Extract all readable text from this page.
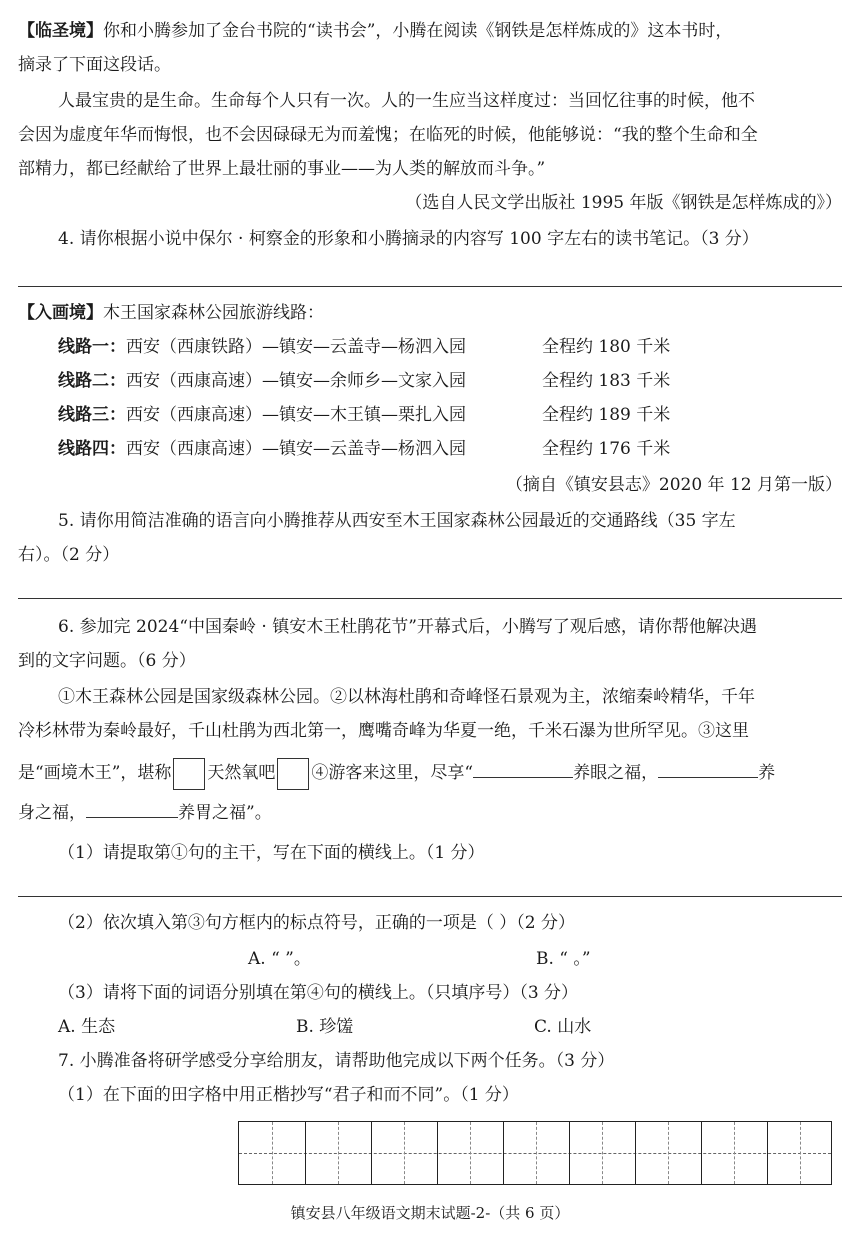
【临圣境】你和小腾参加了金台书院的“读书会”，小腾在阅读《钢铁是怎样炼成的》这本书时，
摘录了下面这段话。
人最宝贵的是生命。生命每个人只有一次。人的一生应当这样度过：当回忆往事的时候，他不
会因为虚度年华而悔恨，也不会因碌碌无为而羞愧；在临死的时候，他能够说：“我的整个生命和全
部精力，都已经献给了世界上最壮丽的事业——为人类的解放而斗争。”
（选自人民文学出版社 1995 年版《钢铁是怎样炼成的》）
4. 请你根据小说中保尔 · 柯察金的形象和小腾摘录的内容写 100 字左右的读书笔记。（3 分）
【入画境】木王国家森林公园旅游线路：
线路一：西安（西康铁路）—镇安—云盖寺—杨泗入园	全程约 180 千米
线路二：西安（西康高速）—镇安—余师乡—文家入园	全程约 183 千米
线路三：西安（西康高速）—镇安—木王镇—栗扎入园	全程约 189 千米
线路四：西安（西康高速）—镇安—云盖寺—杨泗入园	全程约 176 千米
（摘自《镇安县志》2020 年 12 月第一版）
5. 请你用简洁准确的语言向小腾推荐从西安至木王国家森林公园最近的交通路线（35 字左
右）。（2 分）
6. 参加完 2024“中国秦岭 · 镇安木王杜鹃花节”开幕式后，小腾写了观后感，请你帮他解决遇
到的文字问题。（6 分）
①木王森林公园是国家级森林公园。②以林海杜鹃和奇峰怪石景观为主，浓缩秦岭精华，千年
冷杉林带为秦岭最好，千山杜鹃为西北第一，鹰嘴奇峰为华夏一绝，千米石瀑为世所罕见。③这里
是“画境木王”，堪称 天然氧吧 ④游客来这里，尽享“	养眼之福，	养
身之福，	养胃之福”。
（1）请提取第①句的主干，写在下面的横线上。（1 分）
（2）依次填入第③句方框内的标点符号，正确的一项是（ ）（2 分）
A. “ ”。	B. “ 。”
（3）请将下面的词语分别填在第④句的横线上。（只填序号）（3 分）
A. 生态	B. 珍馐	C. 山水
7. 小腾准备将研学感受分享给朋友，请帮助他完成以下两个任务。（3 分）
（1）在下面的田字格中用正楷抄写“君子和而不同”。（1 分）
镇安县八年级语文期末试题-2-（共 6 页）
